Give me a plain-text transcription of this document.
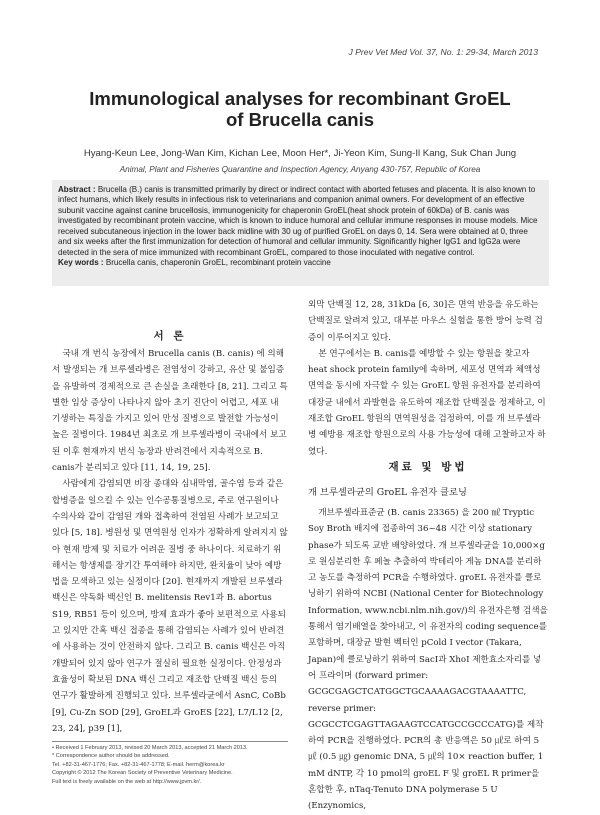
J Prev Vet Med Vol. 37, No. 1: 29-34, March 2013
Immunological analyses for recombinant GroEL
of Brucella canis
Hyang-Keun Lee, Jong-Wan Kim, Kichan Lee, Moon Her*, Ji-Yeon Kim, Sung-Il Kang, Suk Chan Jung
Animal, Plant and Fisheries Quarantine and Inspection Agency, Anyang 430-757, Republic of Korea
Abstract : Brucella (B.) canis is transmitted primarily by direct or indirect contact with aborted fetuses and placenta. It is also known to infect humans, which likely results in infectious risk to veterinarians and companion animal owners. For development of an effective subunit vaccine against canine brucellosis, immunogenicity for chaperonin GroEL(heat shock protein of 60kDa) of B. canis was investigated by recombinant protein vaccine, which is known to induce humoral and cellular immune responses in mouse models. Mice received subcutaneous injection in the lower back midline with 30 ug of purified GroEL on days 0, 14. Sera were obtained at 0, three and six weeks after the first immunization for detection of humoral and cellular immunity. Significantly higher IgG1 and IgG2a were detected in the sera of mice immunized with recombinant GroEL, compared to those inoculated with negative control.
Key words : Brucella canis, chaperonin GroEL, recombinant protein vaccine

서 론

국내 개 번식 농장에서 Brucella canis (B. canis) 에 의해서 발생되는 개 브루셀라병은 전염성이 강하고, 유산 및 불임증을 유발하여 경제적으로 큰 손실을 초래한다 [8, 21]. 그리고 특별한 임상 증상이 나타나지 않아 초기 진단이 어렵고, 세포 내 기생하는 특징을 가지고 있어 만성 질병으로 발전할 가능성이 높은 질병이다. 1984년 최초로 개 브루셀라병이 국내에서 보고된 이후 현재까지 번식 농장과 반려견에서 지속적으로 B. canis가 분리되고 있다 [11, 14, 19, 25].

사람에게 감염되면 비장 종대와 심내막염, 골수염 등과 같은 합병증을 일으킬 수 있는 인수공통질병으로, 주로 연구원이나 수의사와 같이 감염된 개와 접촉하여 전염된 사례가 보고되고 있다 [5, 18]. 병원성 및 면역원성 인자가 정확하게 알려지지 않아 현재 방제 및 치료가 어려운 질병 중 하나이다. 치료하기 위해서는 항생제를 장기간 투여해야 하지만, 완치율이 낮아 예방법을 모색하고 있는 실정이다 [20]. 현재까지 개발된 브루셀라 백신은 약독화 백신인 B. melitensis Rev1과 B. abortus S19, RB51 등이 있으며, 방제 효과가 좋아 보편적으로 사용되고 있지만 간혹 백신 접종을 통해 감염되는 사례가 있어 반려견에 사용하는 것이 안전하지 않다. 그리고 B. canis 백신은 아직 개발되어 있지 않아 연구가 절실히 필요한 실정이다. 안정성과 효율성이 확보된 DNA 백신 그리고 재조합 단백질 백신 등의 연구가 활발하게 진행되고 있다. 브루셀라균에서 AsnC, CoBb [9], Cu-Zn SOD [29], GroEL과 GroES [22], L7/L12 [2, 23, 24], p39 [1],

외막 단백질 12, 28, 31kDa [6, 30]은 면역 반응을 유도하는 단백질로 알려져 있고, 대부분 마우스 실험을 통한 방어 능력 검증이 이루어지고 있다.

본 연구에서는 B. canis를 예방할 수 있는 항원을 찾고자 heat shock protein family에 속하며, 세포성 면역과 체액성 면역을 동시에 자극할 수 있는 GroEL 항원 유전자를 분리하여 대장균 내에서 과발현을 유도하여 재조합 단백질을 정제하고, 이 재조합 GroEL 항원의 면역원성을 검정하여, 이를 개 브루셀라병 예방용 재조합 항원으로의 사용 가능성에 대해 고찰하고자 하였다.

재료 및 방법

개 브루셀라균의 GroEL 유전자 클로닝

개브루셀라표준균 (B. canis 23365) 을 200 ㎖ Tryptic Soy Broth 배지에 접종하여 36~48 시간 이상 stationary phase가 되도록 교반 배양하였다. 개 브루셀라균을 10,000×g로 원심분리한 후 페놀 추출하여 박테리아 게놈 DNA를 분리하고 농도를 측정하여 PCR을 수행하였다. groEL 유전자를 클로닝하기 위하여 NCBI (National Center for Biotechnology Information, www.ncbi.nlm.nih.gov/)의 유전자은행 검색을 통해서 염기배열을 찾아내고, 이 유전자의 coding sequence를 포함하며, 대장균 발현 벡터인 pCold I vector (Takara, Japan)에 클로닝하기 위하여 SacI과 XhoI 제한효소자리를 넣어 프라이머 (forward primer: GCGCGAGCTCATGGCTGCAAAAGACGTAAAATTC, reverse primer: GCGCCTCGAGTTAGAAGTCCATGCCGCCCATG)를 제작하여 PCR을 진행하였다. PCR의 총 반응액은 50 ㎕로 하여 5 ㎕ (0.5 ㎍) genomic DNA, 5 ㎕의 10× reaction buffer, 1 mM dNTP, 각 10 pmol의 groEL F 및 groEL R primer을 혼합한 후, nTaq-Tenuto DNA polymerase 5 U (Enzynomics,

• Received 1 February 2013, revised 20 March 2013, accepted 21 March 2013.
* Correspondence author should be addressed.
Tel. +82-31-467-1776; Fax. +82-31-467-1778; E-mail. herm@korea.kr
Copyright © 2012 The Korean Society of Preventive Veterinary Medicine.
Full text is freely available on the web at http://www.jpvm.kr/.
